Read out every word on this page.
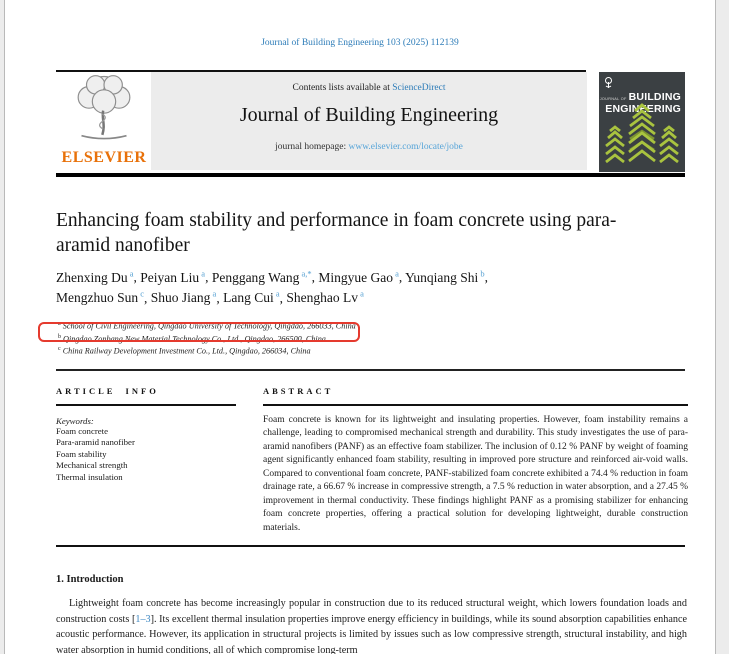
Journal of Building Engineering 103 (2025) 112139
ELSEVIER
Contents lists available at ScienceDirect
Journal of Building Engineering
journal homepage: www.elsevier.com/locate/jobe
JOURNAL OF BUILDING
ENGINEERING
Enhancing foam stability and performance in foam concrete using para-aramid nanofiber
Zhenxing Du $^a$, Peiyan Liu $^a$, Penggang Wang $^{a,*}$, Mingyue Gao $^a$, Yunqiang Shi $^b$,
Mengzhuo Sun $^c$, Shuo Jiang $^a$, Lang Cui $^a$, Shenghao Lv $^a$
$^a$ School of Civil Engineering, Qingdao University of Technology, Qingdao, 266033, China
$^b$ Qingdao Zonbang New Material Technology Co., Ltd., Qingdao, 266500, China
$^c$ China Railway Development Investment Co., Ltd., Qingdao, 266034, China
ARTICLE INFO
Keywords:
Foam concrete
Para-aramid nanofiber
Foam stability
Mechanical strength
Thermal insulation
ABSTRACT
Foam concrete is known for its lightweight and insulating properties. However, foam instability remains a challenge, leading to compromised mechanical strength and durability. This study investigates the use of para-aramid nanofibers (PANF) as an effective foam stabilizer. The inclusion of 0.12 % PANF by weight of foaming agent significantly enhanced foam stability, resulting in improved pore structure and reinforced air-void walls. Compared to conventional foam concrete, PANF-stabilized foam concrete exhibited a 74.4 % reduction in foam drainage rate, a 66.67 % increase in compressive strength, a 7.5 % reduction in water absorption, and a 27.45 % improvement in thermal conductivity. These findings highlight PANF as a promising stabilizer for enhancing foam concrete properties, offering a practical solution for developing lightweight, durable construction materials.
1. Introduction
Lightweight foam concrete has become increasingly popular in construction due to its reduced structural weight, which lowers foundation loads and construction costs [1–3]. Its excellent thermal insulation properties improve energy efficiency in buildings, while its sound absorption capabilities enhance acoustic performance. However, its application in structural projects is limited by issues such as low compressive strength, structural instability, and high water absorption in humid conditions, all of which compromise long-term
